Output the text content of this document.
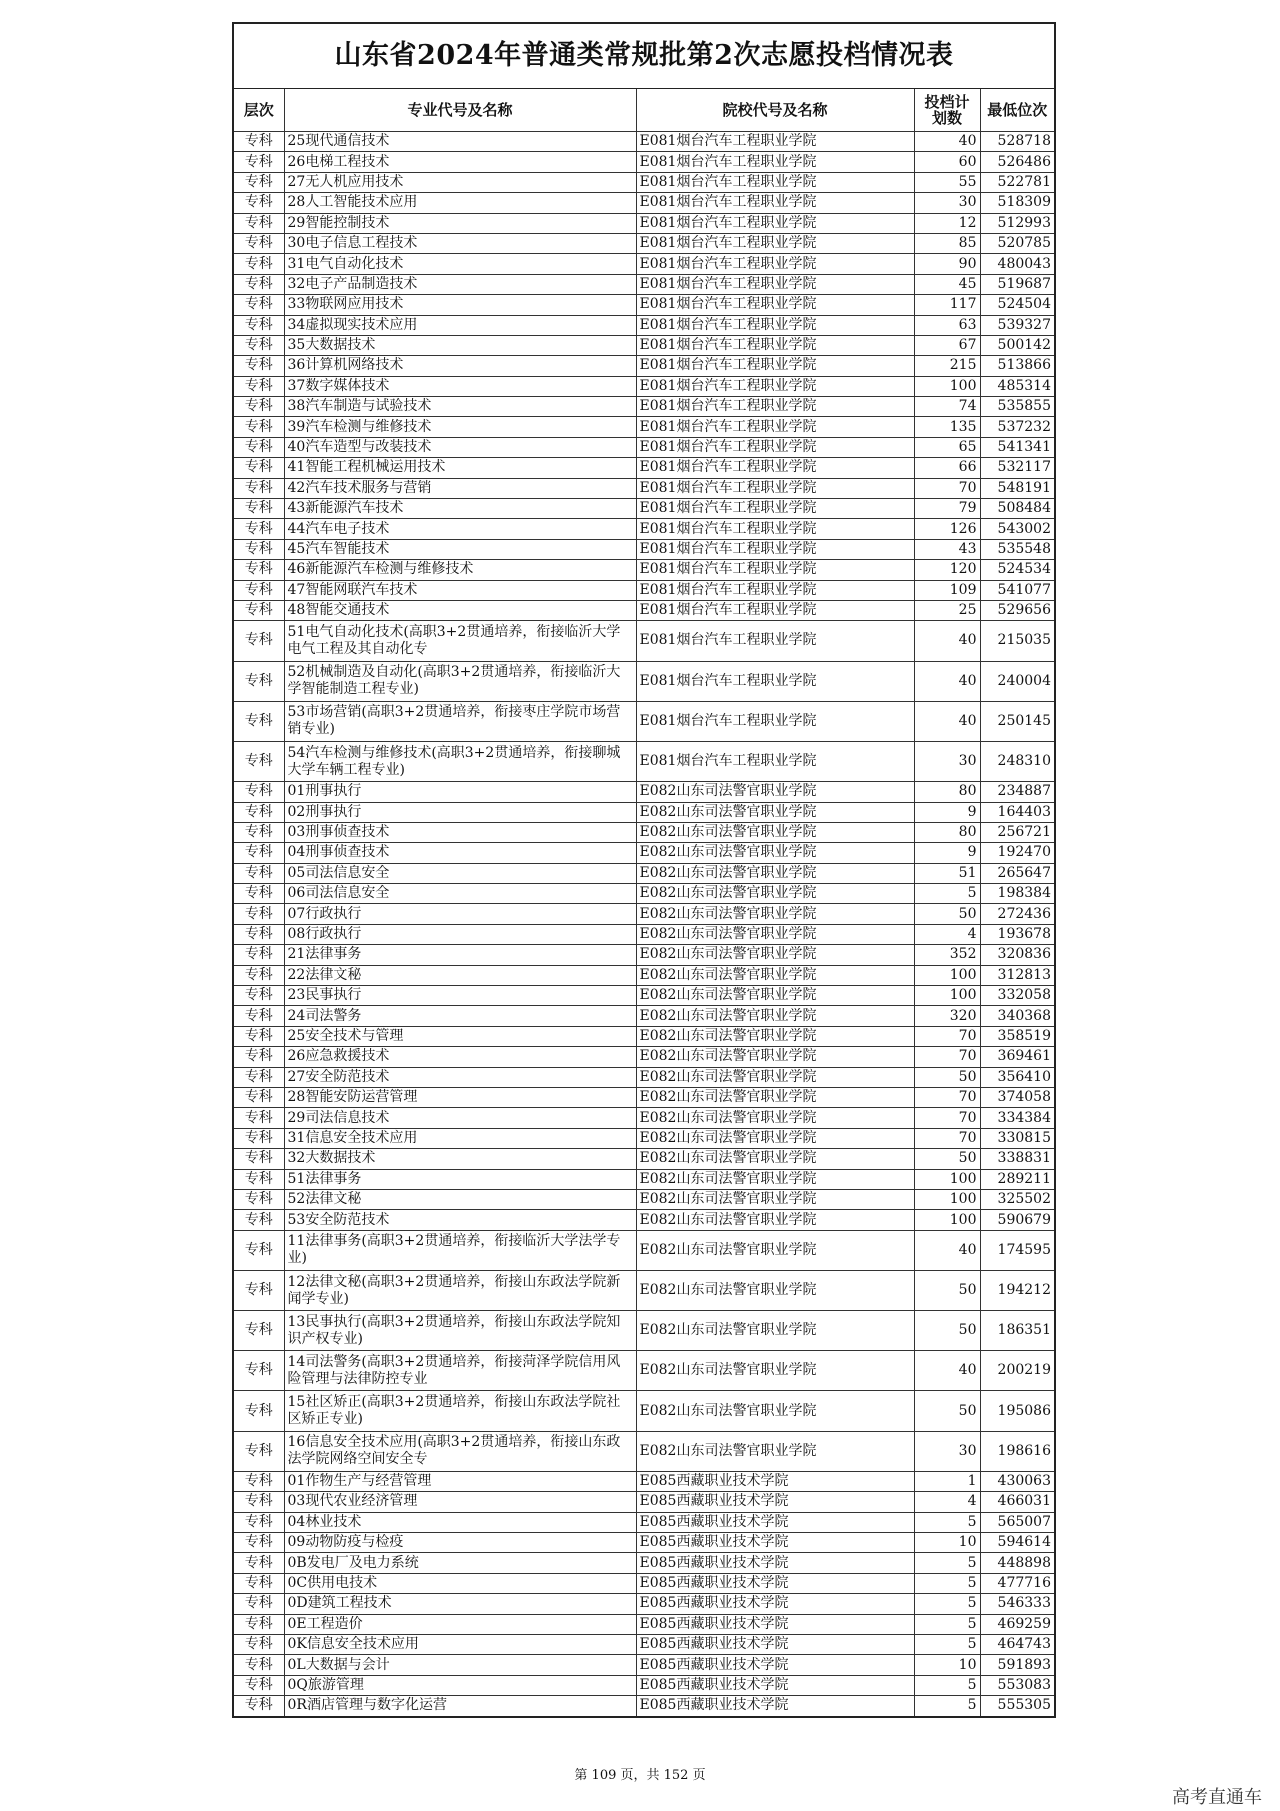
山东省2024年普通类常规批第2次志愿投档情况表
层次	专业代号及名称	院校代号及名称	投档计划数	最低位次
专科	25现代通信技术	E081烟台汽车工程职业学院	40	528718
专科	26电梯工程技术	E081烟台汽车工程职业学院	60	526486
专科	27无人机应用技术	E081烟台汽车工程职业学院	55	522781
专科	28人工智能技术应用	E081烟台汽车工程职业学院	30	518309
专科	29智能控制技术	E081烟台汽车工程职业学院	12	512993
专科	30电子信息工程技术	E081烟台汽车工程职业学院	85	520785
专科	31电气自动化技术	E081烟台汽车工程职业学院	90	480043
专科	32电子产品制造技术	E081烟台汽车工程职业学院	45	519687
专科	33物联网应用技术	E081烟台汽车工程职业学院	117	524504
专科	34虚拟现实技术应用	E081烟台汽车工程职业学院	63	539327
专科	35大数据技术	E081烟台汽车工程职业学院	67	500142
专科	36计算机网络技术	E081烟台汽车工程职业学院	215	513866
专科	37数字媒体技术	E081烟台汽车工程职业学院	100	485314
专科	38汽车制造与试验技术	E081烟台汽车工程职业学院	74	535855
专科	39汽车检测与维修技术	E081烟台汽车工程职业学院	135	537232
专科	40汽车造型与改装技术	E081烟台汽车工程职业学院	65	541341
专科	41智能工程机械运用技术	E081烟台汽车工程职业学院	66	532117
专科	42汽车技术服务与营销	E081烟台汽车工程职业学院	70	548191
专科	43新能源汽车技术	E081烟台汽车工程职业学院	79	508484
专科	44汽车电子技术	E081烟台汽车工程职业学院	126	543002
专科	45汽车智能技术	E081烟台汽车工程职业学院	43	535548
专科	46新能源汽车检测与维修技术	E081烟台汽车工程职业学院	120	524534
专科	47智能网联汽车技术	E081烟台汽车工程职业学院	109	541077
专科	48智能交通技术	E081烟台汽车工程职业学院	25	529656
专科	51电气自动化技术(高职3+2贯通培养，衔接临沂大学电气工程及其自动化专	E081烟台汽车工程职业学院	40	215035
专科	52机械制造及自动化(高职3+2贯通培养，衔接临沂大学智能制造工程专业)	E081烟台汽车工程职业学院	40	240004
专科	53市场营销(高职3+2贯通培养，衔接枣庄学院市场营销专业)	E081烟台汽车工程职业学院	40	250145
专科	54汽车检测与维修技术(高职3+2贯通培养，衔接聊城大学车辆工程专业)	E081烟台汽车工程职业学院	30	248310
专科	01刑事执行	E082山东司法警官职业学院	80	234887
专科	02刑事执行	E082山东司法警官职业学院	9	164403
专科	03刑事侦查技术	E082山东司法警官职业学院	80	256721
专科	04刑事侦查技术	E082山东司法警官职业学院	9	192470
专科	05司法信息安全	E082山东司法警官职业学院	51	265647
专科	06司法信息安全	E082山东司法警官职业学院	5	198384
专科	07行政执行	E082山东司法警官职业学院	50	272436
专科	08行政执行	E082山东司法警官职业学院	4	193678
专科	21法律事务	E082山东司法警官职业学院	352	320836
专科	22法律文秘	E082山东司法警官职业学院	100	312813
专科	23民事执行	E082山东司法警官职业学院	100	332058
专科	24司法警务	E082山东司法警官职业学院	320	340368
专科	25安全技术与管理	E082山东司法警官职业学院	70	358519
专科	26应急救援技术	E082山东司法警官职业学院	70	369461
专科	27安全防范技术	E082山东司法警官职业学院	50	356410
专科	28智能安防运营管理	E082山东司法警官职业学院	70	374058
专科	29司法信息技术	E082山东司法警官职业学院	70	334384
专科	31信息安全技术应用	E082山东司法警官职业学院	70	330815
专科	32大数据技术	E082山东司法警官职业学院	50	338831
专科	51法律事务	E082山东司法警官职业学院	100	289211
专科	52法律文秘	E082山东司法警官职业学院	100	325502
专科	53安全防范技术	E082山东司法警官职业学院	100	590679
专科	11法律事务(高职3+2贯通培养，衔接临沂大学法学专业)	E082山东司法警官职业学院	40	174595
专科	12法律文秘(高职3+2贯通培养，衔接山东政法学院新闻学专业)	E082山东司法警官职业学院	50	194212
专科	13民事执行(高职3+2贯通培养，衔接山东政法学院知识产权专业)	E082山东司法警官职业学院	50	186351
专科	14司法警务(高职3+2贯通培养，衔接菏泽学院信用风险管理与法律防控专业	E082山东司法警官职业学院	40	200219
专科	15社区矫正(高职3+2贯通培养，衔接山东政法学院社区矫正专业)	E082山东司法警官职业学院	50	195086
专科	16信息安全技术应用(高职3+2贯通培养，衔接山东政法学院网络空间安全专	E082山东司法警官职业学院	30	198616
专科	01作物生产与经营管理	E085西藏职业技术学院	1	430063
专科	03现代农业经济管理	E085西藏职业技术学院	4	466031
专科	04林业技术	E085西藏职业技术学院	5	565007
专科	09动物防疫与检疫	E085西藏职业技术学院	10	594614
专科	0B发电厂及电力系统	E085西藏职业技术学院	5	448898
专科	0C供用电技术	E085西藏职业技术学院	5	477716
专科	0D建筑工程技术	E085西藏职业技术学院	5	546333
专科	0E工程造价	E085西藏职业技术学院	5	469259
专科	0K信息安全技术应用	E085西藏职业技术学院	5	464743
专科	0L大数据与会计	E085西藏职业技术学院	10	591893
专科	0Q旅游管理	E085西藏职业技术学院	5	553083
专科	0R酒店管理与数字化运营	E085西藏职业技术学院	5	555305
第 109 页，共 152 页
高考直通车
